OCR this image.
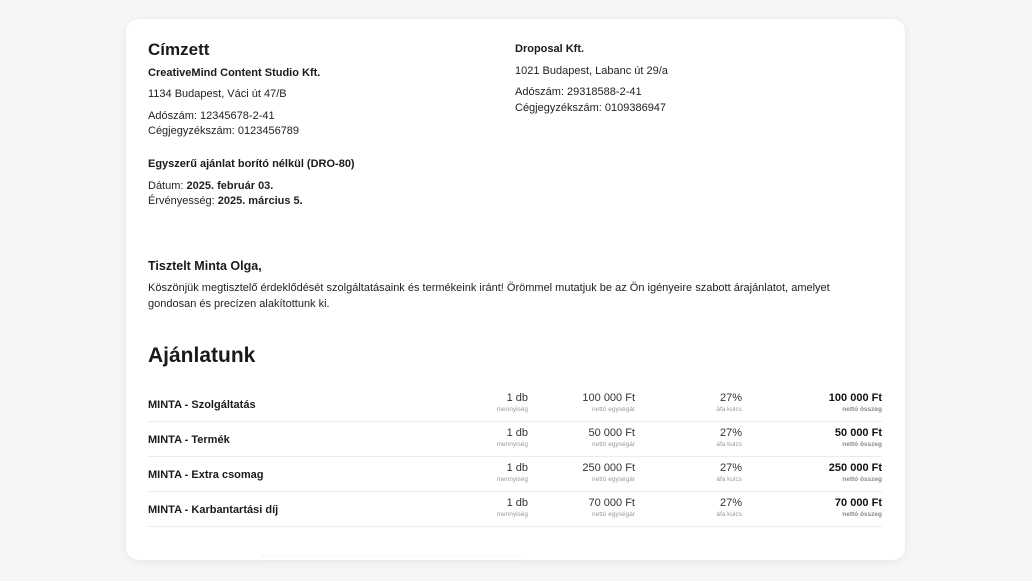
Címzett

CreativeMind Content Studio Kft.

1134 Budapest, Váci út 47/B

Adószám: 12345678-2-41

Cégjegyzékszám: 0123456789

Droposal Kft.

1021 Budapest, Labanc út 29/a

Adószám: 29318588-2-41

Cégjegyzékszám: 0109386947

Egyszerű ajánlat borító nélkül (DRO-80)

Dátum: 2025. február 03.

Érvényesség: 2025. március 5.

Tisztelt Minta Olga,

Köszönjük megtisztelő érdeklődését szolgáltatásaink és termékeink iránt! Örömmel mutatjuk be az Ön igényeire szabott árajánlatot, amelyet gondosan és precízen alakítottunk ki.

Ajánlatunk
MINTA - Szolgáltatás
1 db
mennyiség
100 000 Ft
nettó egységár
27%
áfa kulcs
100 000 Ft
nettó összeg
MINTA - Termék
1 db
mennyiség
50 000 Ft
nettó egységár
27%
áfa kulcs
50 000 Ft
nettó összeg
MINTA - Extra csomag
1 db
mennyiség
250 000 Ft
nettó egységár
27%
áfa kulcs
250 000 Ft
nettó összeg
MINTA - Karbantartási díj
1 db
mennyiség
70 000 Ft
nettó egységár
27%
áfa kulcs
70 000 Ft
nettó összeg
